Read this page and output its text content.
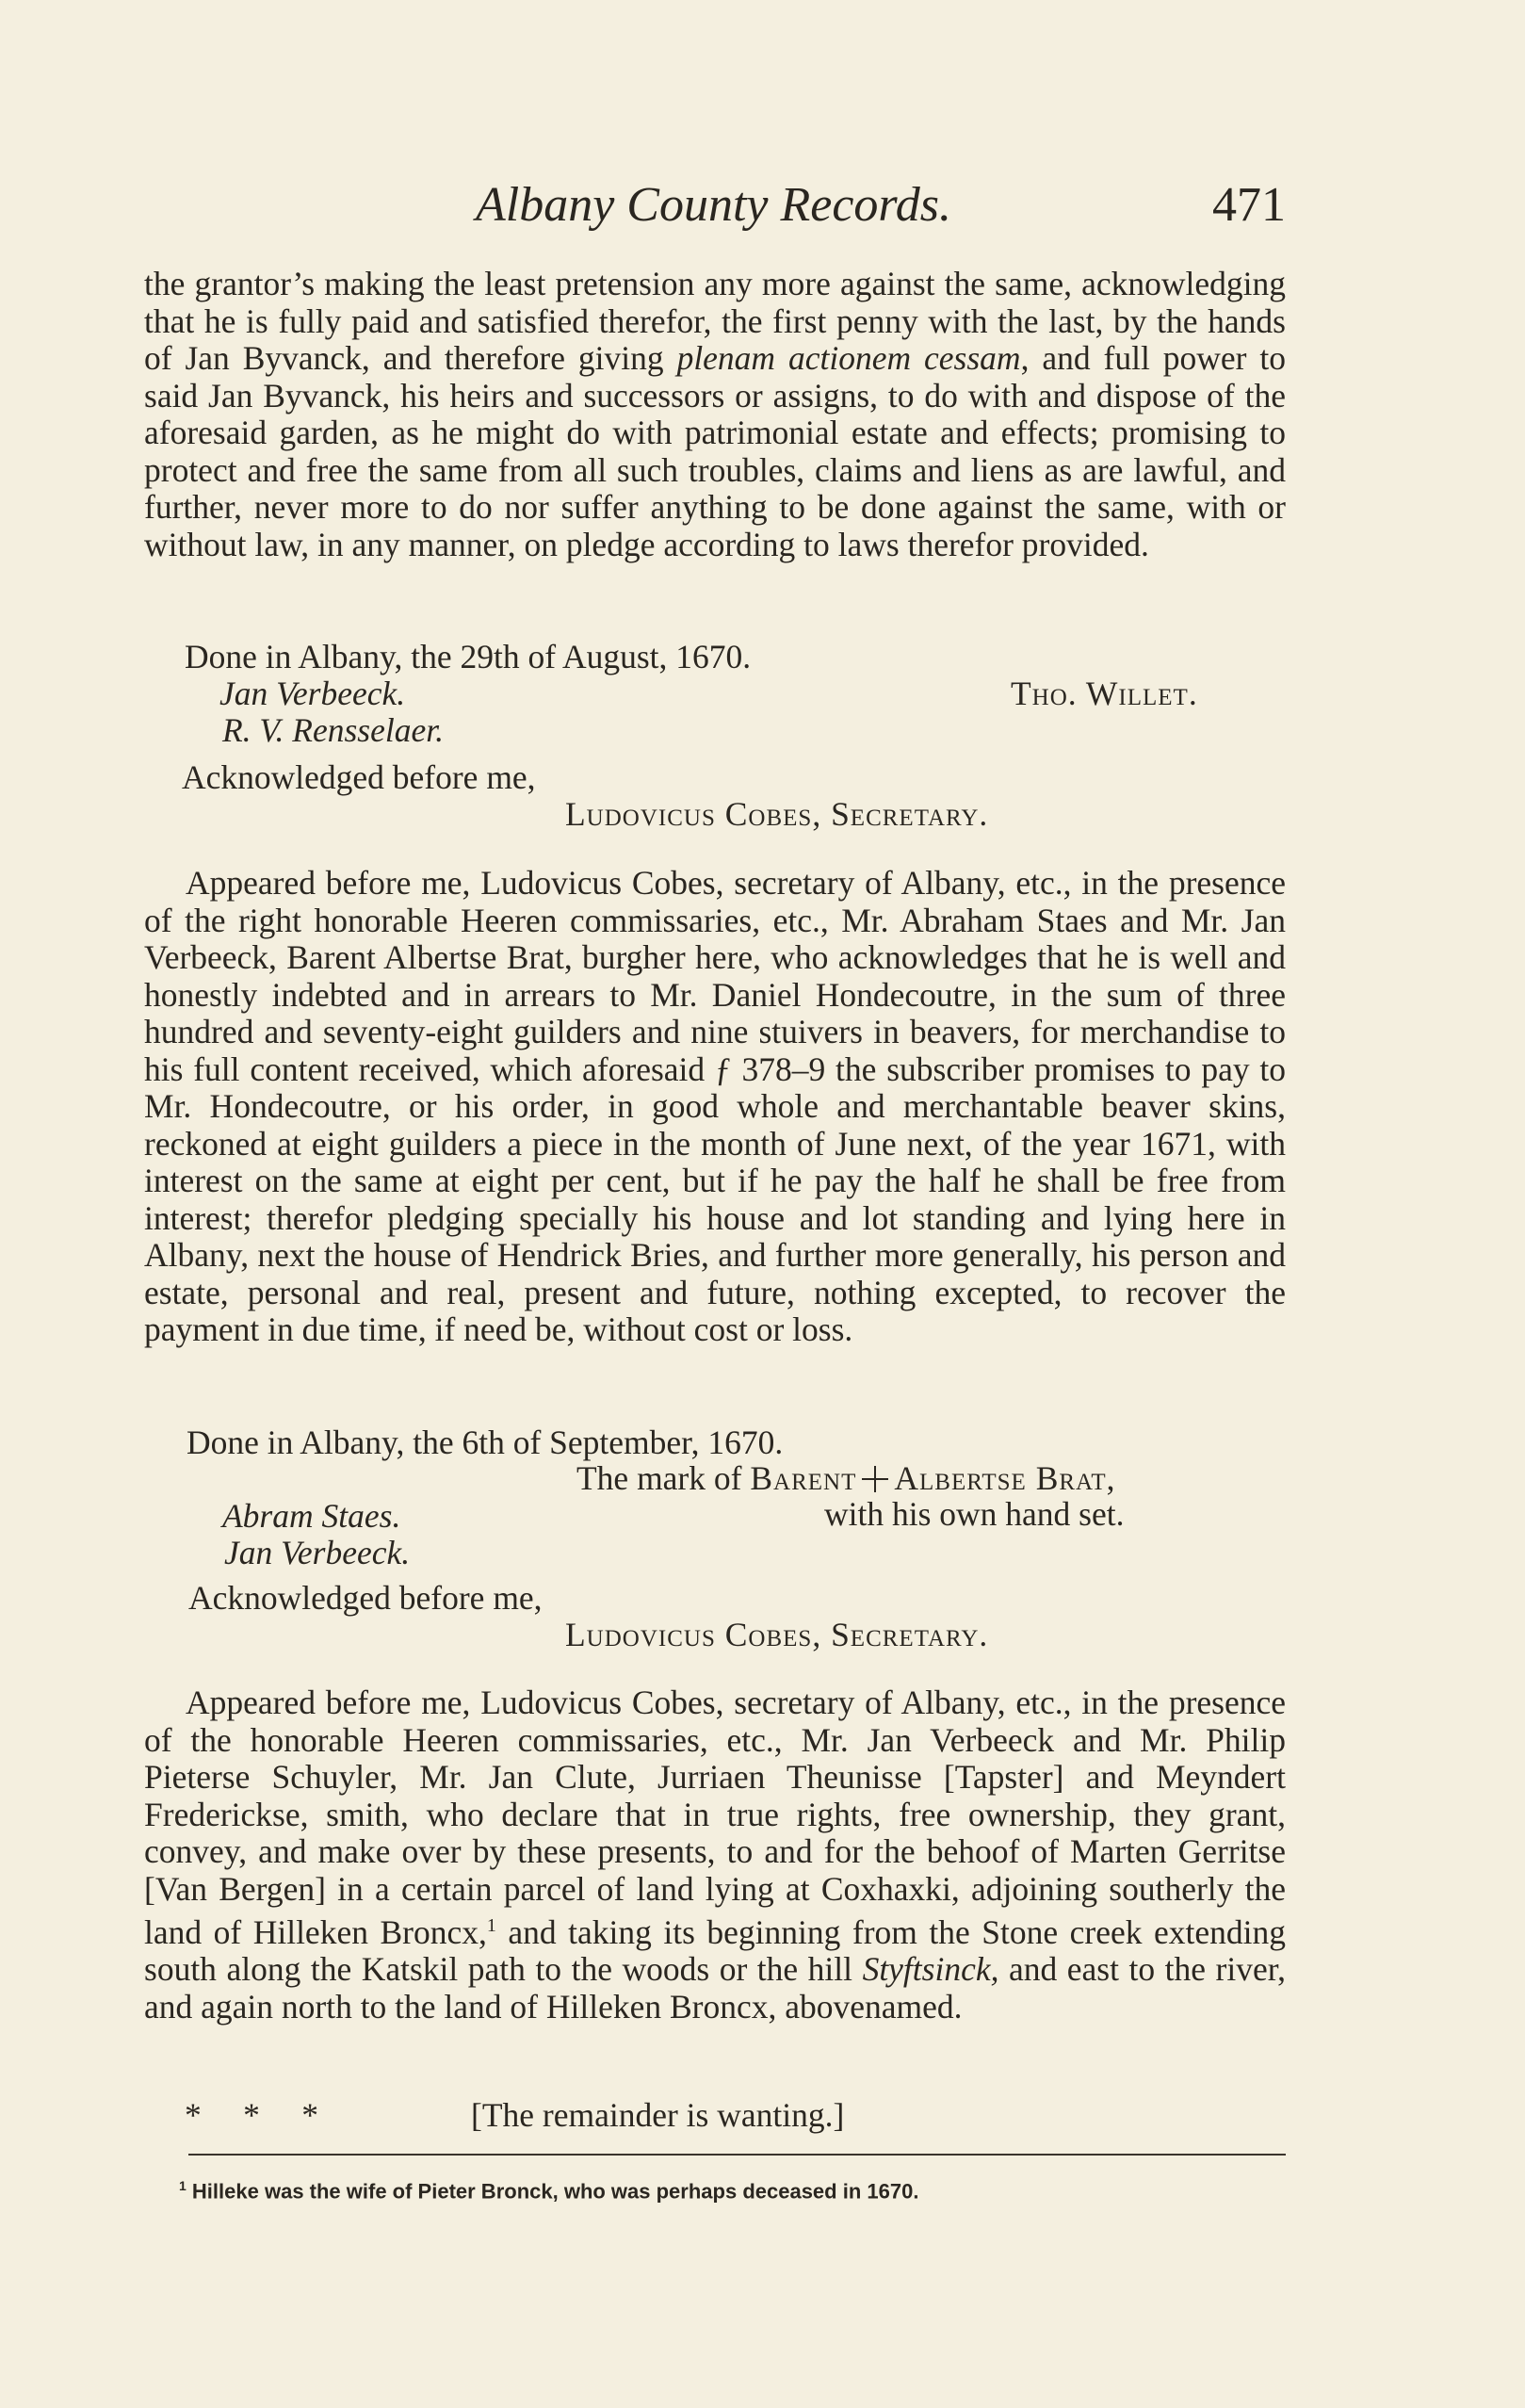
Albany County Records.	471

the grantor’s making the least pretension any more against the same, acknowledging that he is fully paid and satisfied therefor, the first penny with the last, by the hands of Jan Byvanck, and therefore giving plenam actionem cessam, and full power to said Jan Byvanck, his heirs and successors or assigns, to do with and dispose of the aforesaid garden, as he might do with patrimonial estate and effects; promising to protect and free the same from all such troubles, claims and liens as are lawful, and further, never more to do nor suffer anything to be done against the same, with or without law, in any manner, on pledge according to laws therefor provided.

Done in Albany, the 29th of August, 1670.
Jan Verbeeck.	Tho. Willet.
R. V. Rensselaer.
Acknowledged before me,
Ludovicus Cobes, Secretary.

Appeared before me, Ludovicus Cobes, secretary of Albany, etc., in the presence of the right honorable Heeren commissaries, etc., Mr. Abraham Staes and Mr. Jan Verbeeck, Barent Albertse Brat, burgher here, who acknowledges that he is well and honestly indebted and in arrears to Mr. Daniel Hondecoutre, in the sum of three hundred and seventy-eight guilders and nine stuivers in beavers, for merchandise to his full content received, which aforesaid ƒ 378–9 the subscriber promises to pay to Mr. Hondecoutre, or his order, in good whole and merchantable beaver skins, reckoned at eight guilders a piece in the month of June next, of the year 1671, with interest on the same at eight per cent, but if he pay the half he shall be free from interest; therefor pledging specially his house and lot standing and lying here in Albany, next the house of Hendrick Bries, and further more generally, his person and estate, personal and real, present and future, nothing excepted, to recover the payment in due time, if need be, without cost or loss.

Done in Albany, the 6th of September, 1670.
The mark of Barent Albertse Brat,
Abram Staes.	with his own hand set.
Jan Verbeeck.
Acknowledged before me,
Ludovicus Cobes, Secretary.

Appeared before me, Ludovicus Cobes, secretary of Albany, etc., in the presence of the honorable Heeren commissaries, etc., Mr. Jan Verbeeck and Mr. Philip Pieterse Schuyler, Mr. Jan Clute, Jurriaen Theunisse [Tapster] and Meyndert Frederickse, smith, who declare that in true rights, free ownership, they grant, convey, and make over by these presents, to and for the behoof of Marten Gerritse [Van Bergen] in a certain parcel of land lying at Coxhaxki, adjoining southerly the land of Hilleken Broncx,$^1$ and taking its beginning from the Stone creek extending south along the Katskil path to the woods or the hill Styftsinck, and east to the river, and again north to the land of Hilleken Broncx, abovenamed.

*     *     *	[The remainder is wanting.]
$^1$ Hilleke was the wife of Pieter Bronck, who was perhaps deceased in 1670.
